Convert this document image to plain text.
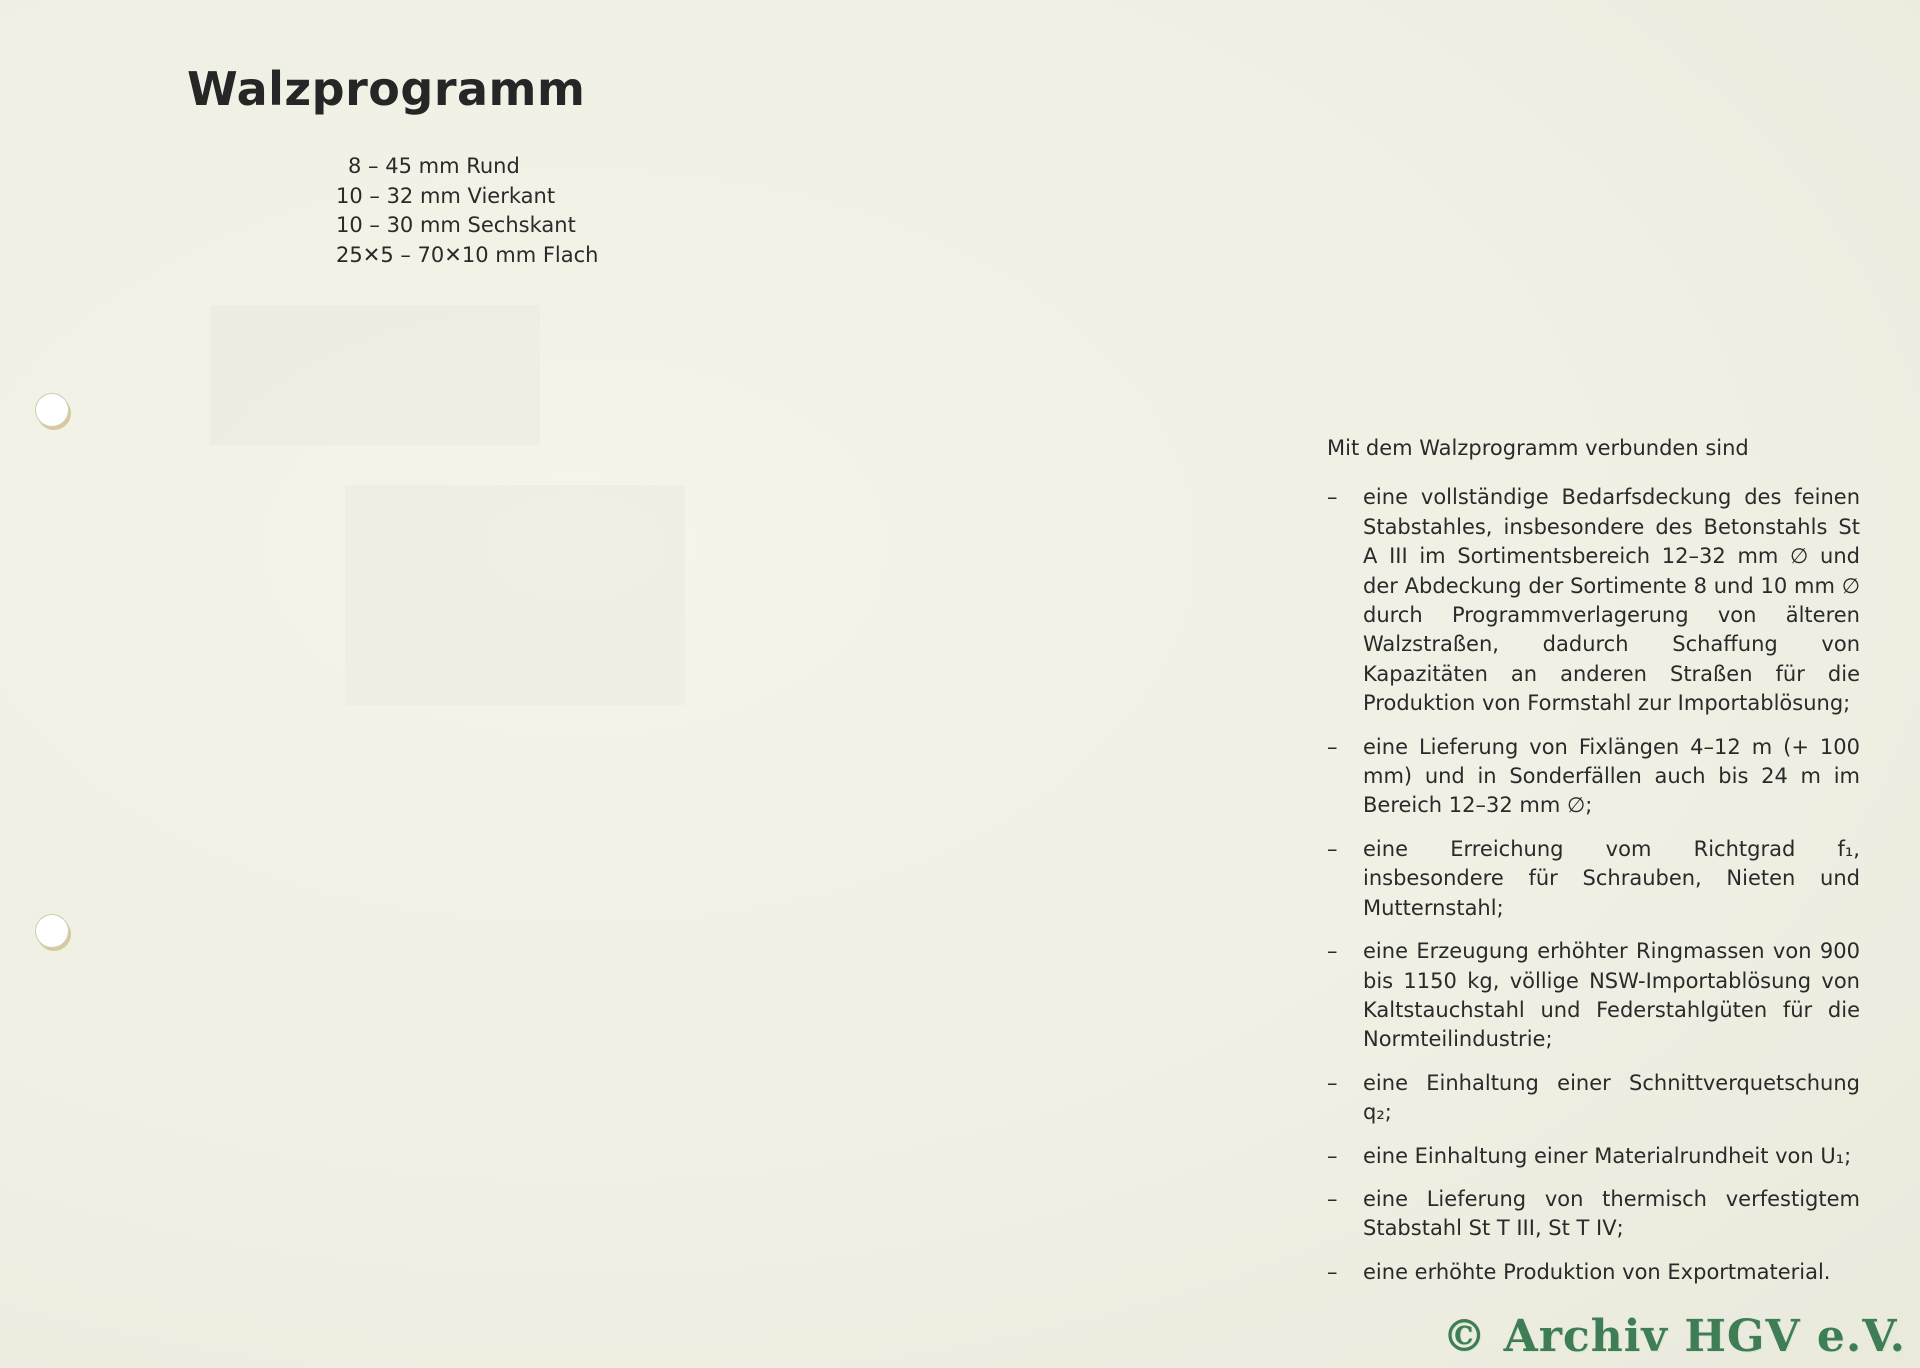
Walzprogramm
8 – 45 mm Rund
10 – 32 mm Vierkant
10 – 30 mm Sechskant
25✕5 – 70✕10 mm Flach

Mit dem Walzprogramm verbunden sind

– eine vollständige Bedarfsdeckung des feinen Stabstahles, insbesondere des Betonstahls St A III im Sortimentsbereich 12–32 mm ∅ und der Abdeckung der Sortimente 8 und 10 mm ∅ durch Programmverlagerung von älteren Walzstraßen, dadurch Schaffung von Kapazitäten an anderen Straßen für die Produktion von Formstahl zur Importablösung;
– eine Lieferung von Fixlängen 4–12 m (+ 100 mm) und in Sonderfällen auch bis 24 m im Bereich 12–32 mm ∅;
– eine Erreichung vom Richtgrad f₁, insbesondere für Schrauben, Nieten und Mutternstahl;
– eine Erzeugung erhöhter Ringmassen von 900 bis 1150 kg, völlige NSW-Importablösung von Kaltstauchstahl und Federstahlgüten für die Normteilindustrie;
– eine Einhaltung einer Schnittverquetschung q₂;
– eine Einhaltung einer Materialrundheit von U₁;
– eine Lieferung von thermisch verfestigtem Stabstahl St T III, St T IV;
– eine erhöhte Produktion von Exportmaterial.
© Archiv HGV e.V.
